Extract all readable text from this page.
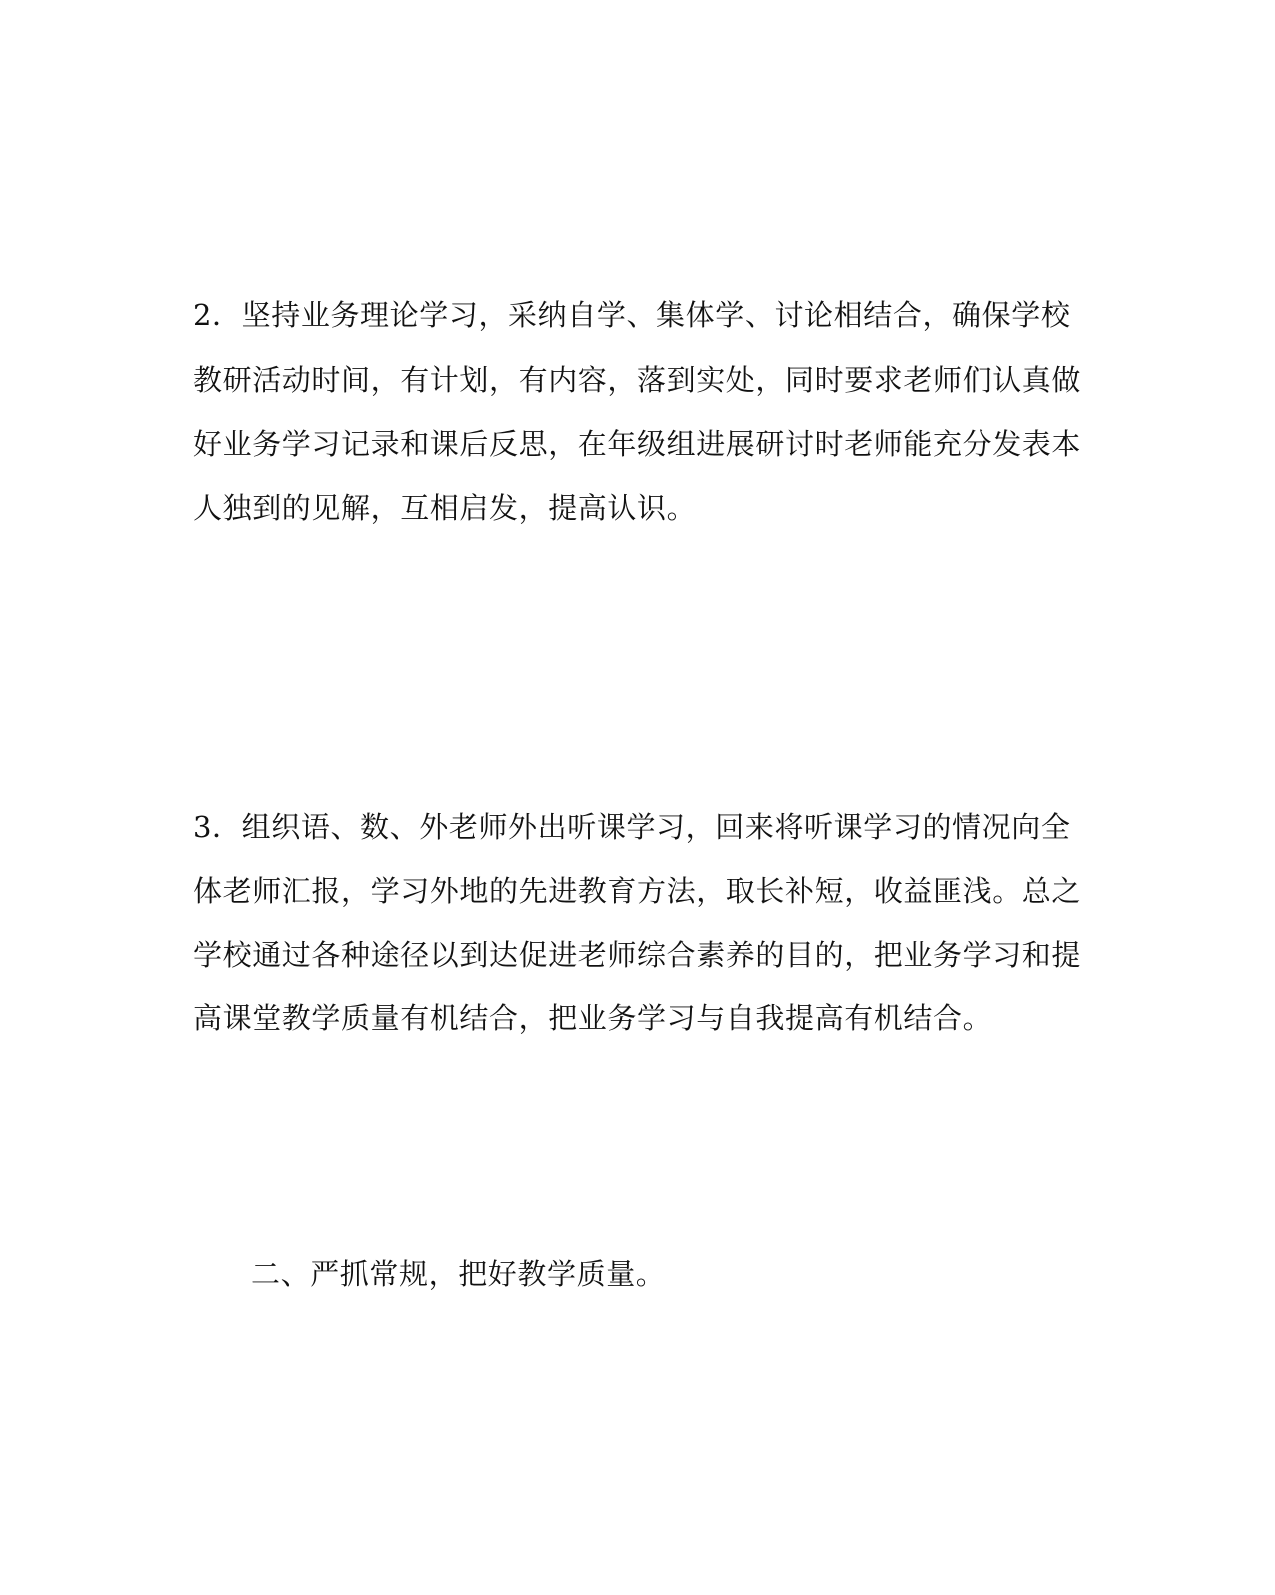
2．坚持业务理论学习，采纳自学、集体学、讨论相结合，确保学校
教研活动时间，有计划，有内容，落到实处，同时要求老师们认真做
好业务学习记录和课后反思，在年级组进展研讨时老师能充分发表本
人独到的见解，互相启发，提高认识。
3．组织语、数、外老师外出听课学习，回来将听课学习的情况向全
体老师汇报，学习外地的先进教育方法，取长补短，收益匪浅。总之
学校通过各种途径以到达促进老师综合素养的目的，把业务学习和提
高课堂教学质量有机结合，把业务学习与自我提高有机结合。
二、严抓常规，把好教学质量。
